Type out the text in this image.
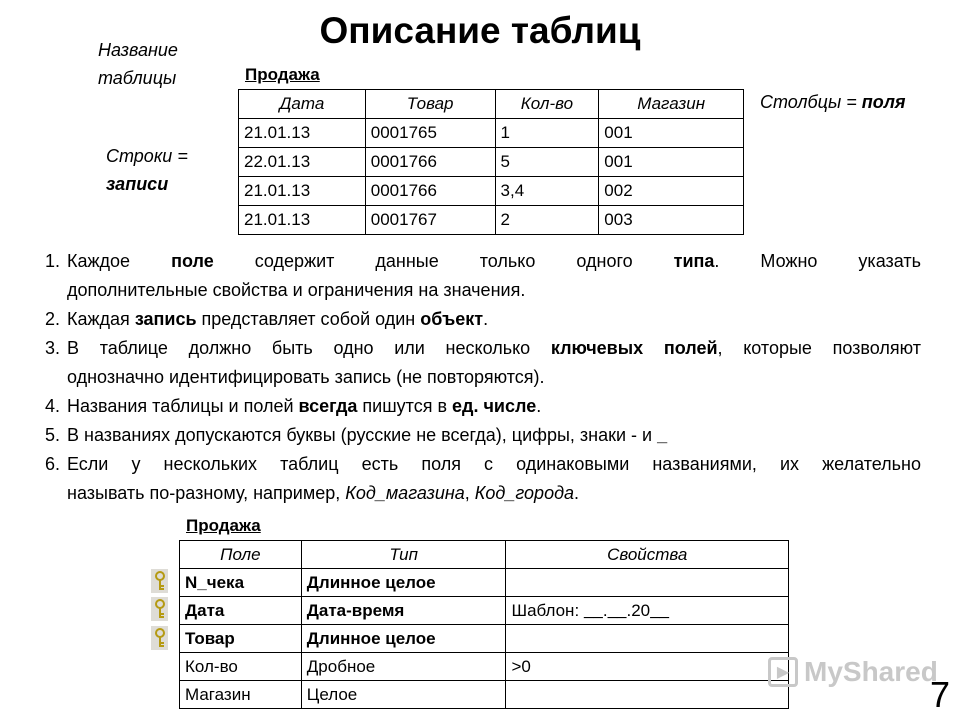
Описание таблиц
Название
таблицы
Столбцы = поля
Строки =
записи
Продажа
Дата	Товар	Кол-во	Магазин
21.01.13	0001765	1	001
22.01.13	0001766	5	001
21.01.13	0001766	3,4	002
21.01.13	0001767	2	003
1. Каждое поле содержит данные только одного типа. Можно указать
дополнительные свойства и ограничения на значения.
2. Каждая запись представляет собой один объект.
3. В таблице должно быть одно или несколько ключевых полей, которые позволяют
однозначно идентифицировать запись (не повторяются).
4. Названия таблицы и полей всегда пишутся в ед. числе.
5. В названиях допускаются буквы (русские не всегда), цифры, знаки - и _
6. Если у нескольких таблиц есть поля с одинаковыми названиями, их желательно
называть по-разному, например, Код_магазина, Код_города.
Продажа
Поле	Тип	Свойства
N_чека	Длинное целое	
Дата	Дата-время	Шаблон: __.__.20__
Товар	Длинное целое	
Кол-во	Дробное	>0
Магазин	Целое	
▶ MyShared
7
